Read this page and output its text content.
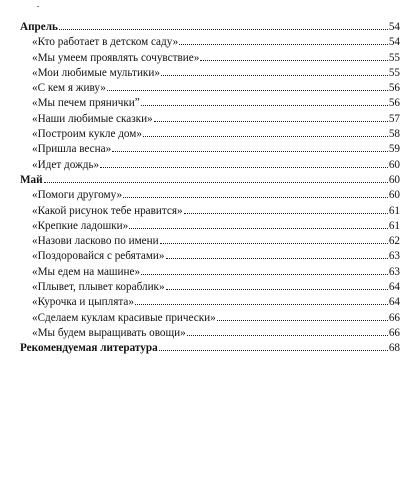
Апрель	54
«Кто работает в детском саду»	54
«Мы умеем проявлять сочувствие»	55
«Мои любимые мультики»	55
«С кем я живу»	56
«Мы печем пряничкиˮ	56
«Наши любимые сказки»	57
«Построим кукле дом»	58
«Пришла весна»	59
«Идет дождь»	60
Май	60
«Помоги другому»	60
«Какой рисунок тебе нравится»	61
«Крепкие ладошки»	61
«Назови ласково по имени	62
«Поздоровайся с ребятами»	63
«Мы едем на машине»	63
«Плывет, плывет кораблик»	64
«Курочка и цыплята»	64
«Сделаем куклам красивые прически»	66
«Мы будем выращивать овощи»	66
Рекомендуемая литература	68
